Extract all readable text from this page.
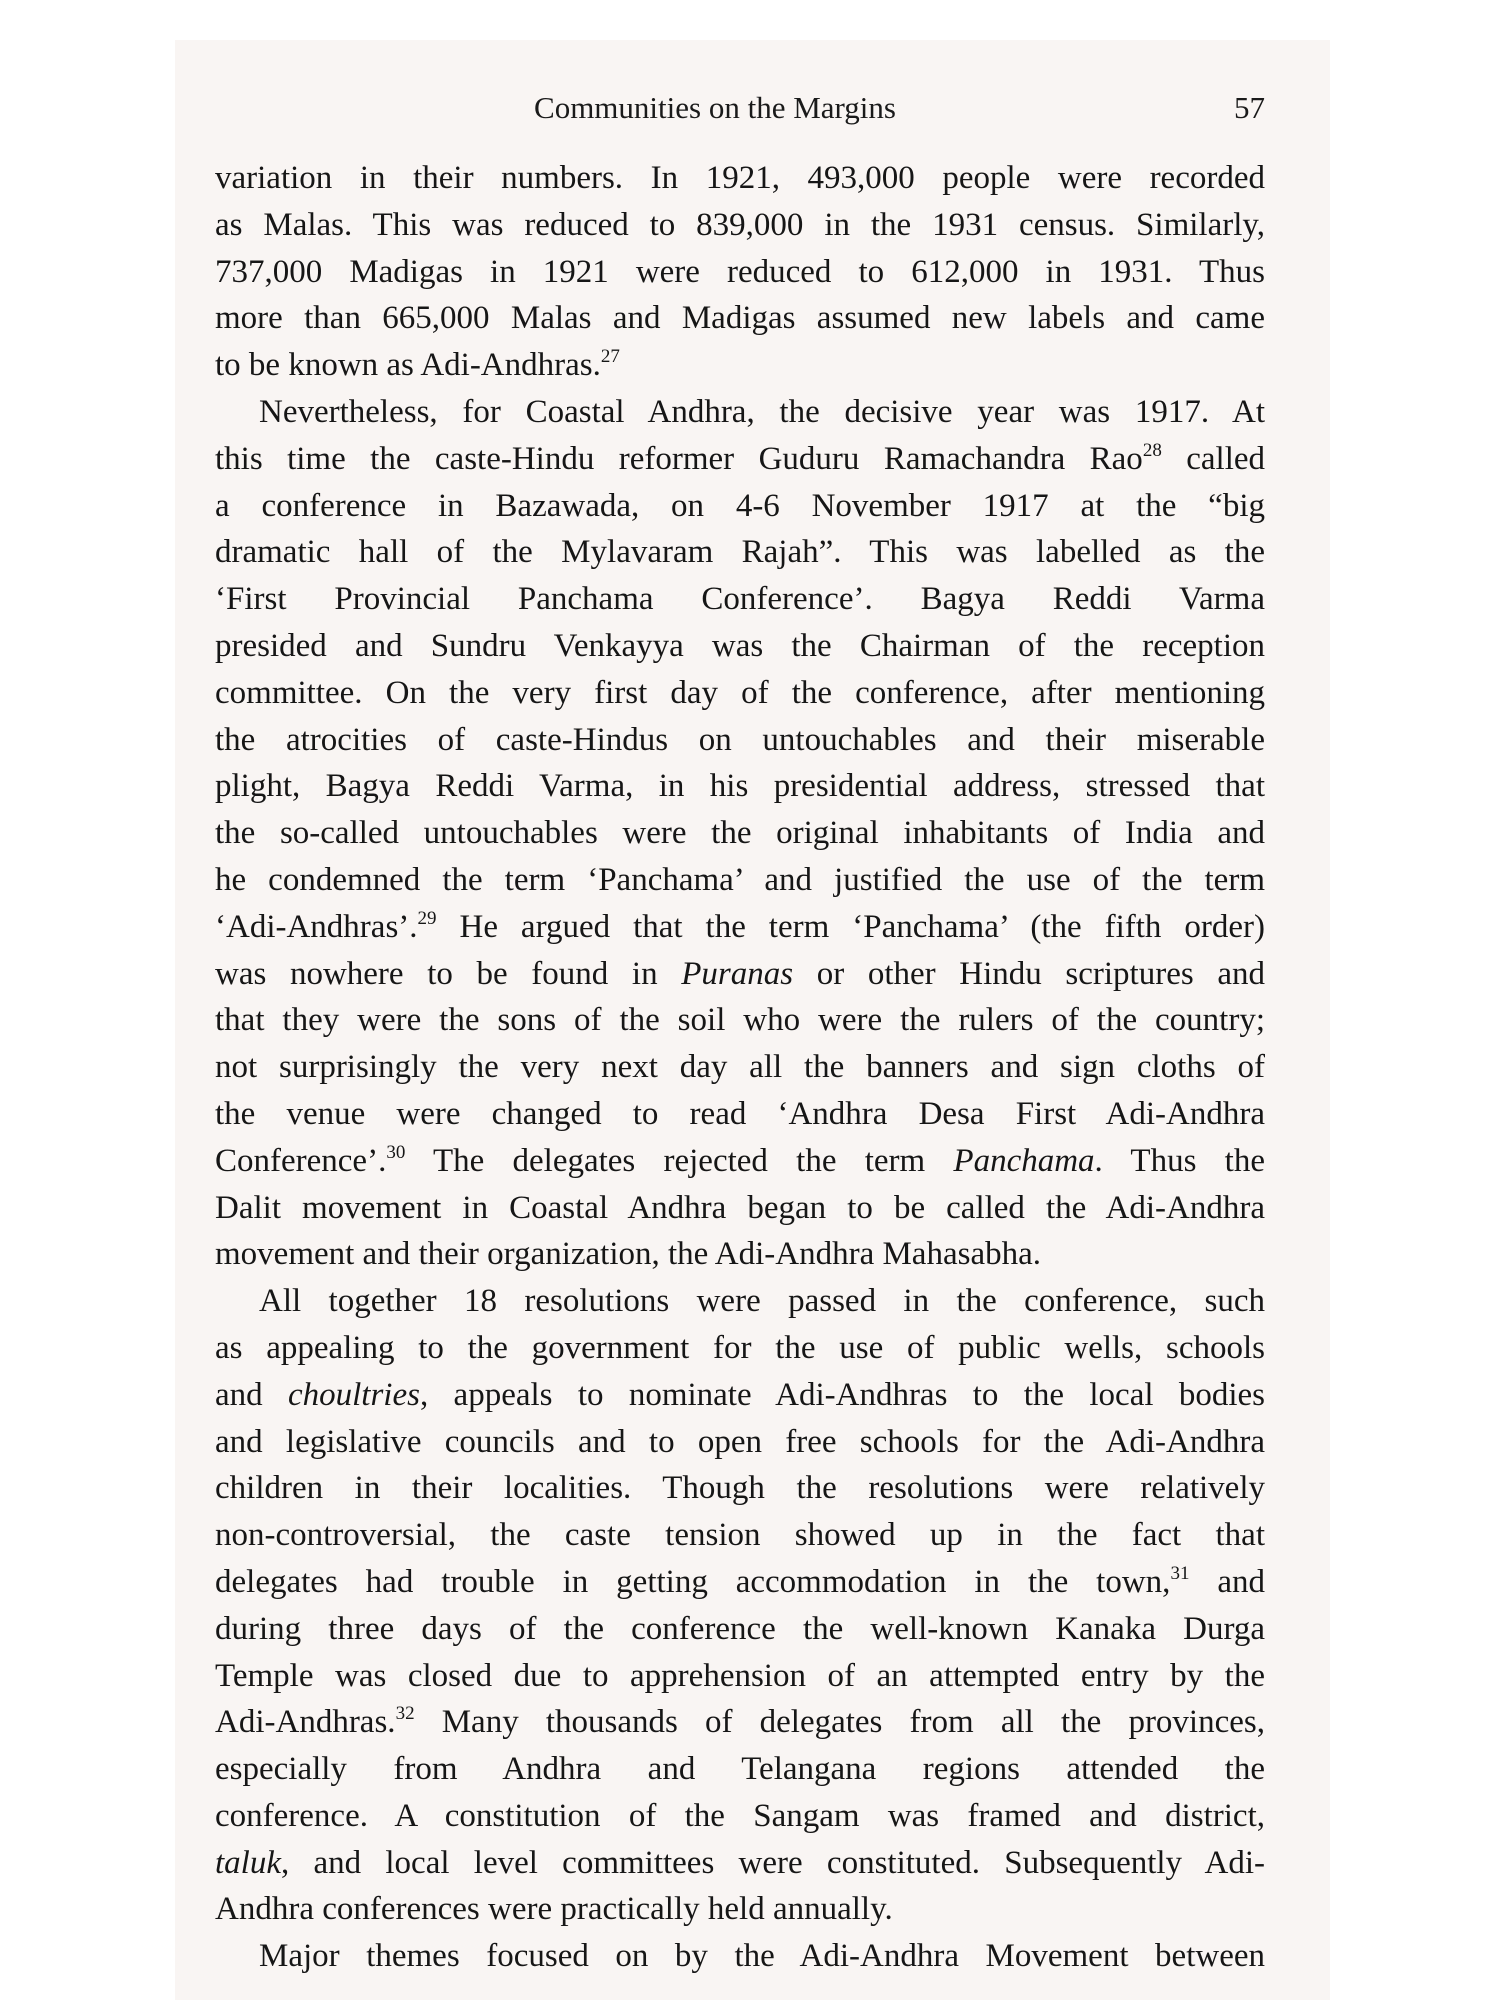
Communities on the Margins	57
variation in their numbers. In 1921, 493,000 people were recorded
as Malas. This was reduced to 839,000 in the 1931 census. Similarly,
737,000 Madigas in 1921 were reduced to 612,000 in 1931. Thus
more than 665,000 Malas and Madigas assumed new labels and came
to be known as Adi-Andhras.$^{27}$
Nevertheless, for Coastal Andhra, the decisive year was 1917. At
this time the caste-Hindu reformer Guduru Ramachandra Rao$^{28}$ called
a conference in Bazawada, on 4-6 November 1917 at the “big
dramatic hall of the Mylavaram Rajah”. This was labelled as the
‘First Provincial Panchama Conference’. Bagya Reddi Varma
presided and Sundru Venkayya was the Chairman of the reception
committee. On the very first day of the conference, after mentioning
the atrocities of caste-Hindus on untouchables and their miserable
plight, Bagya Reddi Varma, in his presidential address, stressed that
the so-called untouchables were the original inhabitants of India and
he condemned the term ‘Panchama’ and justified the use of the term
‘Adi-Andhras’.$^{29}$ He argued that the term ‘Panchama’ (the fifth order)
was nowhere to be found in Puranas or other Hindu scriptures and
that they were the sons of the soil who were the rulers of the country;
not surprisingly the very next day all the banners and sign cloths of
the venue were changed to read ‘Andhra Desa First Adi-Andhra
Conference’.$^{30}$ The delegates rejected the term Panchama. Thus the
Dalit movement in Coastal Andhra began to be called the Adi-Andhra
movement and their organization, the Adi-Andhra Mahasabha.
All together 18 resolutions were passed in the conference, such
as appealing to the government for the use of public wells, schools
and choultries, appeals to nominate Adi-Andhras to the local bodies
and legislative councils and to open free schools for the Adi-Andhra
children in their localities. Though the resolutions were relatively
non-controversial, the caste tension showed up in the fact that
delegates had trouble in getting accommodation in the town,$^{31}$ and
during three days of the conference the well-known Kanaka Durga
Temple was closed due to apprehension of an attempted entry by the
Adi-Andhras.$^{32}$ Many thousands of delegates from all the provinces,
especially from Andhra and Telangana regions attended the
conference. A constitution of the Sangam was framed and district,
taluk, and local level committees were constituted. Subsequently Adi-
Andhra conferences were practically held annually.
Major themes focused on by the Adi-Andhra Movement between
